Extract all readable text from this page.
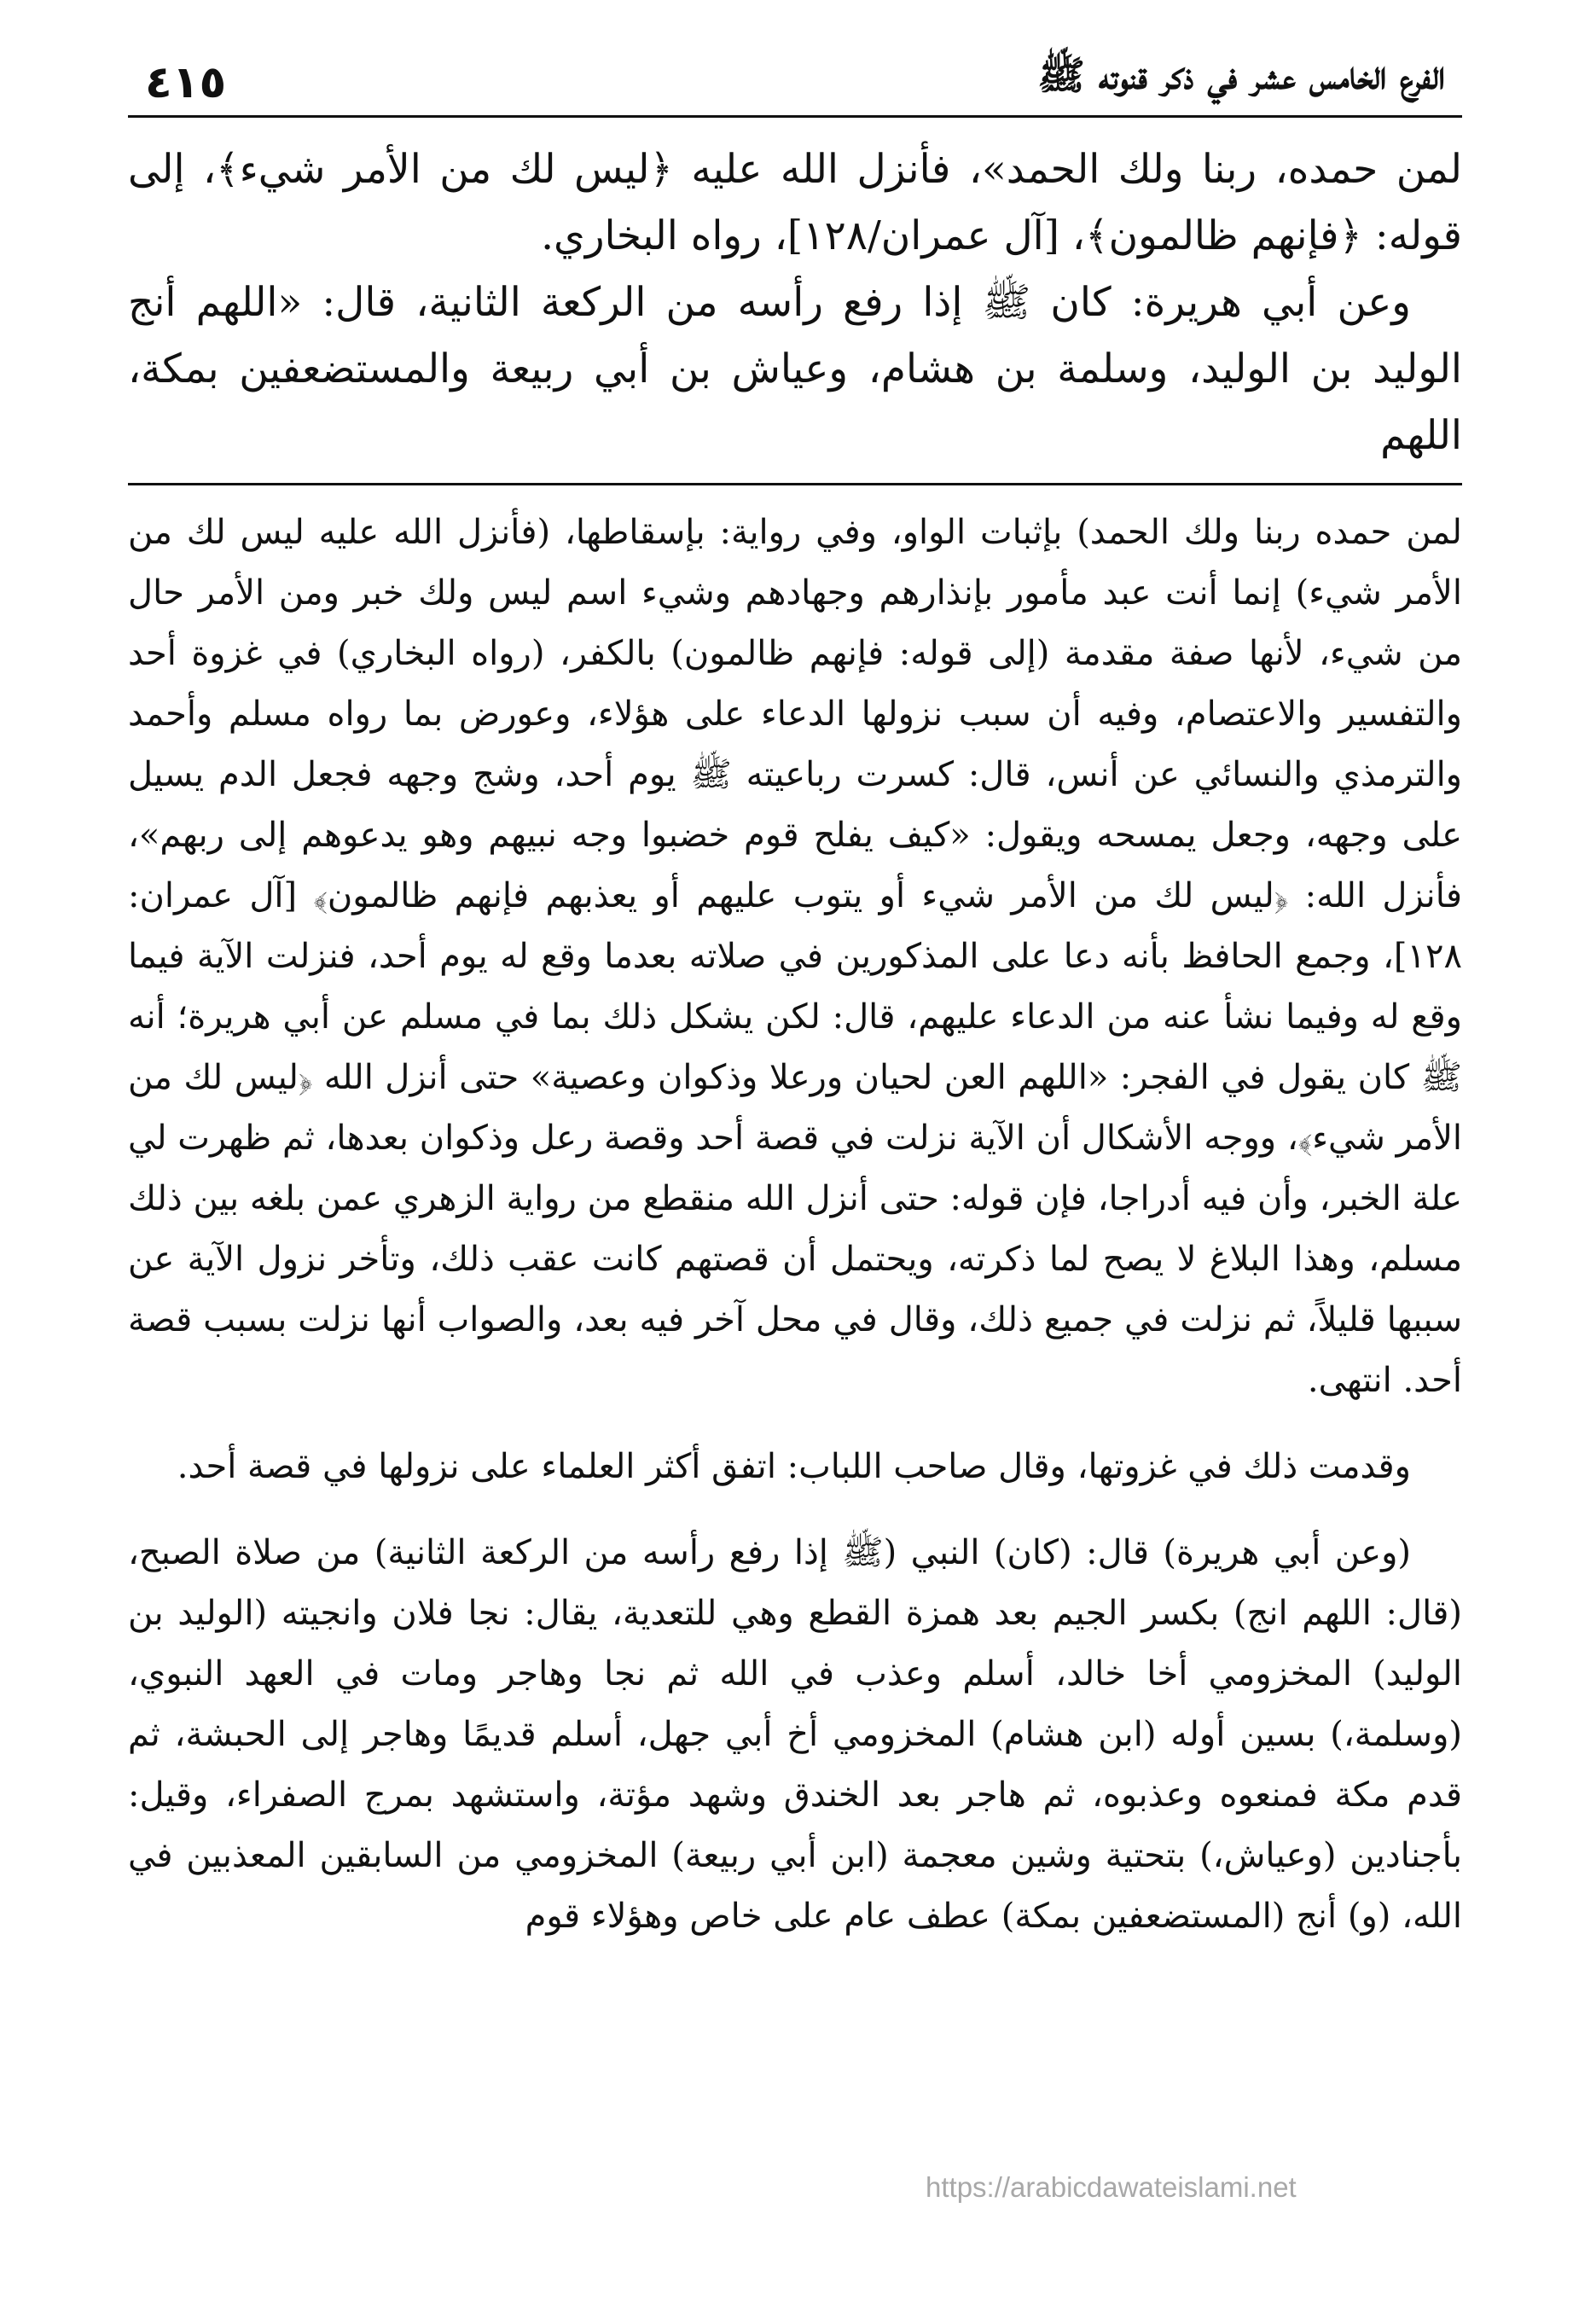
الفرع الخامس عشر في ذكر قنوته ﷺ
٤١٥

لمن حمده، ربنا ولك الحمد»، فأنزل الله عليه ﴿ليس لك من الأمر شيء﴾، إلى قوله: ﴿فإنهم ظالمون﴾، [آل عمران/١٢٨]، رواه البخاري.

وعن أبي هريرة: كان ﷺ إذا رفع رأسه من الركعة الثانية، قال: «اللهم أنج الوليد بن الوليد، وسلمة بن هشام، وعياش بن أبي ربيعة والمستضعفين بمكة، اللهم

لمن حمده ربنا ولك الحمد) بإثبات الواو، وفي رواية: بإسقاطها، (فأنزل الله عليه ليس لك من الأمر شيء) إنما أنت عبد مأمور بإنذارهم وجهادهم وشيء اسم ليس ولك خبر ومن الأمر حال من شيء، لأنها صفة مقدمة (إلى قوله: فإنهم ظالمون) بالكفر، (رواه البخاري) في غزوة أحد والتفسير والاعتصام، وفيه أن سبب نزولها الدعاء على هؤلاء، وعورض بما رواه مسلم وأحمد والترمذي والنسائي عن أنس، قال: كسرت رباعيته ﷺ يوم أحد، وشج وجهه فجعل الدم يسيل على وجهه، وجعل يمسحه ويقول: «كيف يفلح قوم خضبوا وجه نبيهم وهو يدعوهم إلى ربهم»، فأنزل الله: ﴿ليس لك من الأمر شيء أو يتوب عليهم أو يعذبهم فإنهم ظالمون﴾ [آل عمران: ١٢٨]، وجمع الحافظ بأنه دعا على المذكورين في صلاته بعدما وقع له يوم أحد، فنزلت الآية فيما وقع له وفيما نشأ عنه من الدعاء عليهم، قال: لكن يشكل ذلك بما في مسلم عن أبي هريرة؛ أنه ﷺ كان يقول في الفجر: «اللهم العن لحيان ورعلا وذكوان وعصية» حتى أنزل الله ﴿ليس لك من الأمر شيء﴾، ووجه الأشكال أن الآية نزلت في قصة أحد وقصة رعل وذكوان بعدها، ثم ظهرت لي علة الخبر، وأن فيه أدراجا، فإن قوله: حتى أنزل الله منقطع من رواية الزهري عمن بلغه بين ذلك مسلم، وهذا البلاغ لا يصح لما ذكرته، ويحتمل أن قصتهم كانت عقب ذلك، وتأخر نزول الآية عن سببها قليلاً، ثم نزلت في جميع ذلك، وقال في محل آخر فيه بعد، والصواب أنها نزلت بسبب قصة أحد. انتهى.

وقدمت ذلك في غزوتها، وقال صاحب اللباب: اتفق أكثر العلماء على نزولها في قصة أحد.

(وعن أبي هريرة) قال: (كان) النبي (ﷺ إذا رفع رأسه من الركعة الثانية) من صلاة الصبح، (قال: اللهم انج) بكسر الجيم بعد همزة القطع وهي للتعدية، يقال: نجا فلان وانجيته (الوليد بن الوليد) المخزومي أخا خالد، أسلم وعذب في الله ثم نجا وهاجر ومات في العهد النبوي، (وسلمة،) بسين أوله (ابن هشام) المخزومي أخ أبي جهل، أسلم قديمًا وهاجر إلى الحبشة، ثم قدم مكة فمنعوه وعذبوه، ثم هاجر بعد الخندق وشهد مؤتة، واستشهد بمرج الصفراء، وقيل: بأجنادين (وعياش،) بتحتية وشين معجمة (ابن أبي ربيعة) المخزومي من السابقين المعذبين في الله، (و) أنج (المستضعفين بمكة) عطف عام على خاص وهؤلاء قوم

https://arabicdawateislami.net
